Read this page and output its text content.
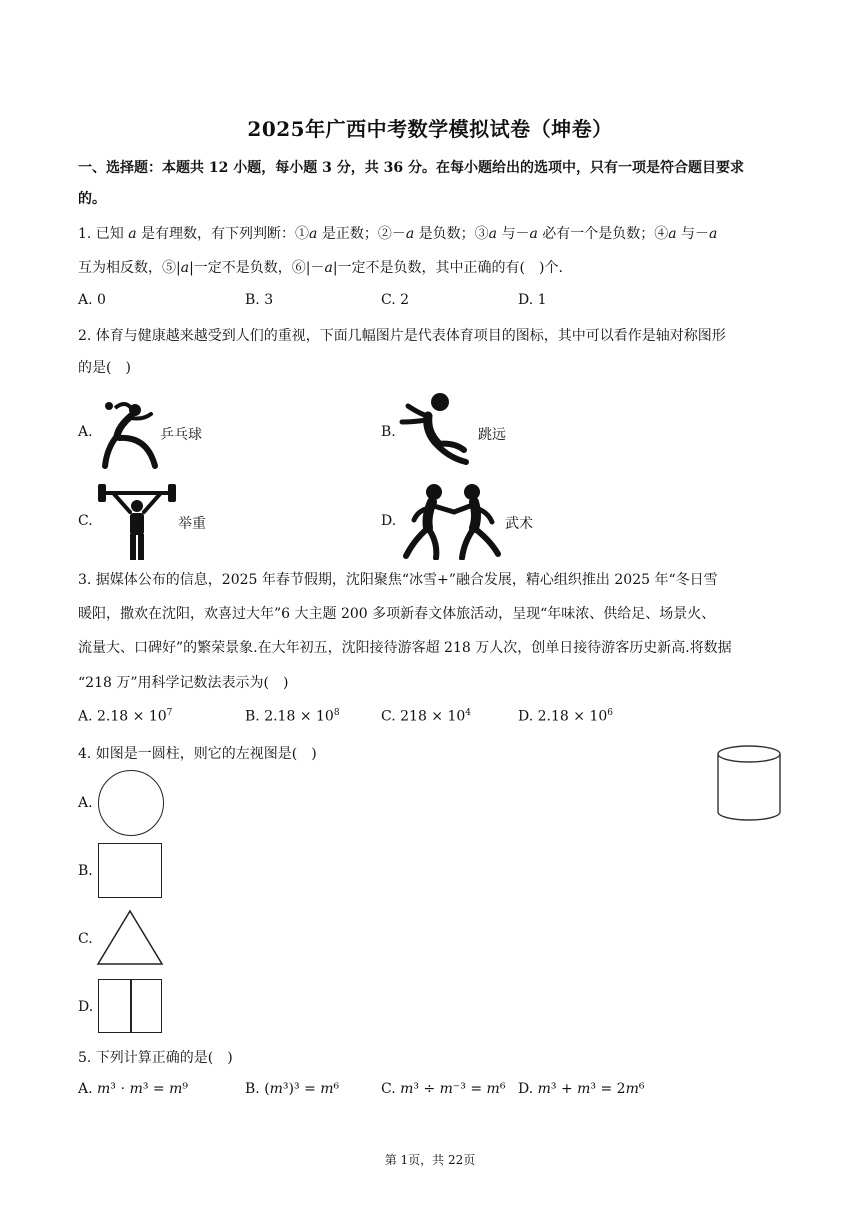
2025年广西中考数学模拟试卷（坤卷）
一、选择题：本题共 12 小题，每小题 3 分，共 36 分。在每小题给出的选项中，只有一项是符合题目要求
的。
1. 已知 𝑎 是有理数，有下列判断：①𝑎 是正数；②－𝑎 是负数；③𝑎 与－𝑎 必有一个是负数；④𝑎 与－𝑎
互为相反数，⑤|𝑎|一定不是负数，⑥|－𝑎|一定不是负数，其中正确的有(　)个.
A. 0	B. 3	C. 2	D. 1
2. 体育与健康越来越受到人们的重视，下面几幅图片是代表体育项目的图标，其中可以看作是轴对称图形
的是(　)
A.	乒乓球	B.	跳远
C.	举重	D.	武术
3. 据媒体公布的信息，2025 年春节假期，沈阳聚焦“冰雪+”融合发展，精心组织推出 2025 年“冬日雪
暖阳，撒欢在沈阳，欢喜过大年”6 大主题 200 多项新春文体旅活动，呈现“年味浓、供给足、场景火、
流量大、口碑好”的繁荣景象.在大年初五，沈阳接待游客超 218 万人次，创单日接待游客历史新高.将数据
“218 万”用科学记数法表示为(　)
A. $2.18 \times 10^7$	B. $2.18 \times 10^8$	C. $218 \times 10^4$	D. $2.18 \times 10^6$
4. 如图是一圆柱，则它的左视图是(　)
A.
B.
C.
D.
5. 下列计算正确的是(　)
A. 𝑚³ ⋅ 𝑚³ = 𝑚⁹	B. (𝑚³)³ = 𝑚⁶	C. 𝑚³ ÷ 𝑚⁻³ = 𝑚⁶ D. 𝑚³ + 𝑚³ = 2𝑚⁶
第 1页，共 22页
